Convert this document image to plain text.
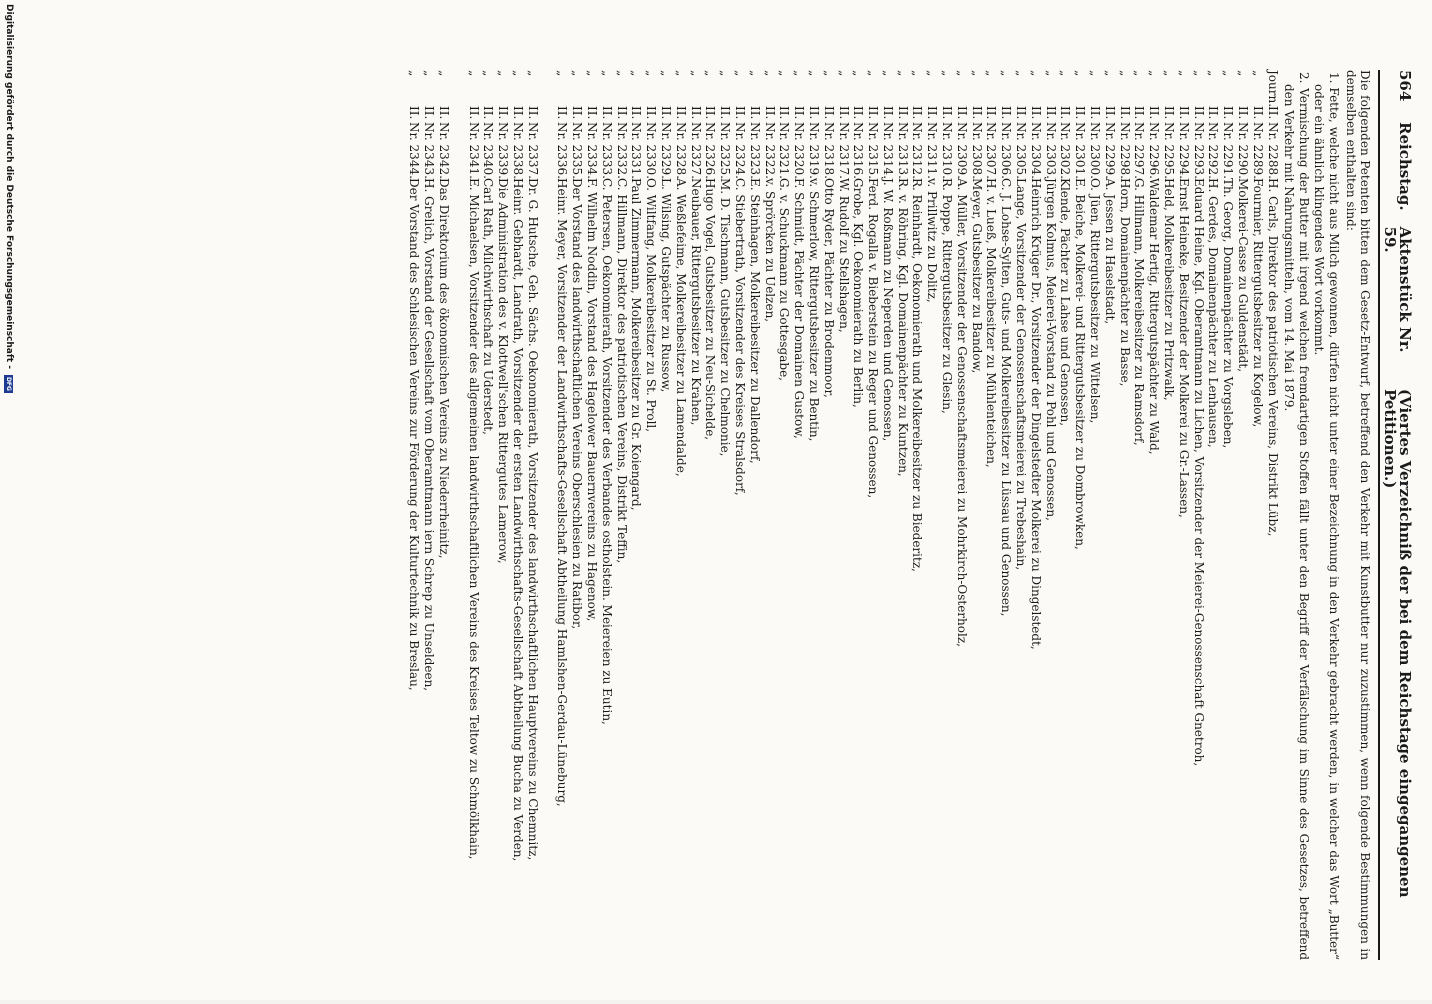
564
Reichstag.
Aktenstück Nr. 59.
(Viertes Verzeichniß der bei dem Reichstage eingegangenen Petitionen.)
Die folgenden Petenten bitten dem Gesetz-Entwurf, betreffend den Verkehr mit Kunstbutter nur zuzustimmen, wenn folgende Bestimmungen in demselben enthalten sind:
1. Fette, welche nicht aus Milch gewonnen, dürfen nicht unter einer Bezeichnung in den Verkehr gebracht werden, in welcher das Wort „Butter“ oder ein ähnlich klingendes Wort vorkommt.
2. Vermischung der Butter mit irgend welchen fremdartigen Stoffen fällt unter den Begriff der Verfälschung im Sinne des Gesetzes, betreffend den Verkehr mit Nahrungsmitteln, vom 14. Mai 1879.
Journ.
II.
Nr. 2288.
H. Carls, Direktor des patriotischen Vereins, Distrikt Lübz,
„
II.
Nr. 2289.
Fourmier, Rittergutsbesitzer zu Kogelow,
„
II.
Nr. 2290.
Molkerei-Casse zu Guldenstädt,
„
II.
Nr. 2291.
Th. Georg, Domainenpächter zu Vorgsleben,
„
II.
Nr. 2292.
H. Gerdes, Domainenpächter zu Lenhausen,
„
II.
Nr. 2293.
Eduard Heine, Kgl. Oberamtmann zu Lichen, Vorsitzender der Meierei-Genossenschaft Gnetroh,
„
II.
Nr. 2294.
Ernst Heineke, Besitzender der Molkerei zu Gr.-Lassen,
„
II.
Nr. 2295.
Held, Molkereibesitzer zu Pritzwalk,
„
II.
Nr. 2296.
Waldemar Hertig, Rittergutspächter zu Wald,
„
II.
Nr. 2297.
G. Hillmann, Molkereibesitzer zu Ramsdorf,
„
II.
Nr. 2298.
Horn, Domainenpächter zu Basse,
„
II.
Nr. 2299.
A. Jessen zu Haselstadt,
„
II.
Nr. 2300.
O. Jüen, Rittergutsbesitzer zu Wittelsen,
„
II.
Nr. 2301.
E. Beiche, Molkerei- und Rittergutsbesitzer zu Dombrowken,
„
II.
Nr. 2302.
Klende, Pächter zu Lahse und Genossen,
„
II.
Nr. 2303.
Jürgen Kolmus, Meierei-Vorstand zu Pohl und Genossen,
„
II.
Nr. 2304.
Heinrich Krüger Dr., Vorsitzender der Dingelstedter Molkerei zu Dingelstedt,
„
II.
Nr. 2305.
Lange, Vorsitzender der Genossenschaftsmeierei zu Trebeshain,
„
II.
Nr. 2306.
C. J. Lohse-Sylten, Guts- und Molkereibesitzer zu Lüssau und Genossen,
„
II.
Nr. 2307.
H. v. Lueß, Molkereibesitzer zu Mühlenteichen,
„
II.
Nr. 2308.
Meyer, Gutsbesitzer zu Bandow,
„
II.
Nr. 2309.
A. Müller, Vorsitzender der Genossenschaftsmeierei zu Mohrkirch-Osterholz,
„
II.
Nr. 2310.
R. Poppe, Rittergutsbesitzer zu Glesin,
„
II.
Nr. 2311.
v. Prillwitz zu Dolitz,
„
II.
Nr. 2312.
R. Reinhardt, Oekonomierath und Molkereibesitzer zu Biederitz,
„
II.
Nr. 2313.
R. v. Röhring, Kgl. Domainenpächter zu Kuntzen,
„
II.
Nr. 2314.
J. W. Roßmann zu Neperden und Genossen,
„
II.
Nr. 2315.
Ferd. Rogalla v. Bieberstein zu Reger und Genossen,
„
II.
Nr. 2316.
Grobe, Kgl. Oekonomierath zu Berlin,
„
II.
Nr. 2317.
W. Rudolf zu Stellshagen,
„
II.
Nr. 2318.
Otto Ryder, Pächter zu Brodenmoor,
„
II.
Nr. 2319.
v. Schmerlow, Rittergutsbesitzer zu Bentin,
„
II.
Nr. 2320.
F. Schmidt, Pächter der Domainen Gustow,
„
II.
Nr. 2321.
G. v. Schuckmann zu Gottesgabe,
„
II.
Nr. 2322.
v. Sprörcken zu Uelzen,
„
II.
Nr. 2323.
E. Steinhagen, Molkereibesitzer zu Dallendorf,
„
II.
Nr. 2324.
C. Stiebertrath, Vorsitzender des Kreises Stralsdorf,
„
II.
Nr. 2325.
M. D. Tischmann, Gutsbesitzer zu Chelmonie,
„
II.
Nr. 2326.
Hugo Vogel, Gutsbesitzer zu Neu-Sichelde,
„
II.
Nr. 2327.
Neubauer, Rittergutsbesitzer zu Krahen,
„
II.
Nr. 2328.
A. Weßlefeime, Molkereibesitzer zu Lamendalde,
„
II.
Nr. 2329.
L. Wilsing, Gutspächter zu Russow,
„
II.
Nr. 2330.
O. Wiltfang, Molkereibesitzer zu St. Proll,
„
II.
Nr. 2331.
Paul Zimmermann, Molkereibesitzer zu Gr. Koiengard,
„
II.
Nr. 2332.
C. Hillmann, Direktor des patriotischen Vereins, Distrikt Teffin,
„
II.
Nr. 2333.
C. Petersen, Oekonomierath, Vorsitzender des Verbandes ostholstein. Meiereien zu Eutin,
„
II.
Nr. 2334.
F. Wilhelm Noddin, Vorstand des Hagelower Bauernvereins zu Hagenow,
„
II.
Nr. 2335.
Der Vorstand des landwirthschaftlichen Vereins Oberschlesien zu Ratibor,
„
II.
Nr. 2336.
Heinr. Meyer, Vorsitzender der Landwirthschafts-Gesellschaft Abtheilung Hamlshen-Gerdau-Lüneburg,
„
II.
Nr. 2337.
Dr. G. Hutsche, Geh. Sächs. Oekonomierath, Vorsitzender des landwirthschaftlichen Hauptvereins zu Chemnitz,
„
II.
Nr. 2338.
Heinr. Gebhardt, Landrath, Vorsitzender der ersten Landwirthschafts-Gesellschaft Abtheilung Bucha zu Verden,
„
II.
Nr. 2339.
Die Administration des v. Klottwell'schen Rittergutes Lamerow,
„
II.
Nr. 2340.
Carl Rath, Milchwirthschaft zu Uderstedt,
„
II.
Nr. 2341.
E. Michaelsen, Vorsitzender des allgemeinen landwirthschaftlichen Vereins des Kreises Teltow zu Schmölkhain,
„
II.
Nr. 2342.
Das Direktorium des ökonomischen Vereins zu Niederrheinitz,
„
II.
Nr. 2343.
H. Grelich, Vorstand der Gesellschaft vom Oberamtmann iern Schrep zu Unseldeen,
„
II.
Nr. 2344.
Der Vorstand des Schlesischen Vereins zur Förderung der Kulturtechnik zu Breslau,
Digitalisierung gefördert durch die Deutsche Forschungsgemeinschaft -
DFG
